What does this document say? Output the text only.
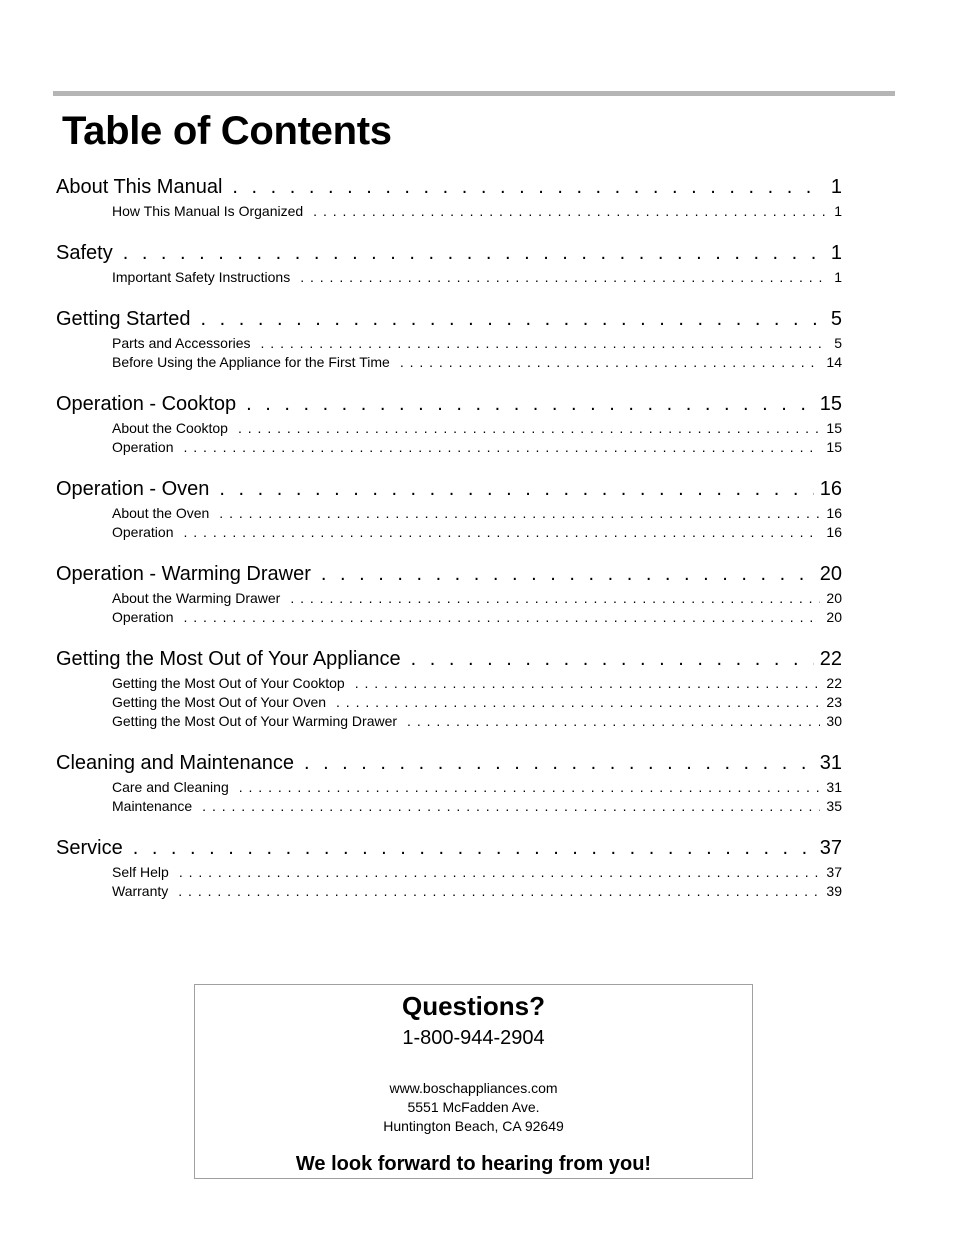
Table of Contents
About This Manual . . .	1
How This Manual Is Organized . . .	1
Safety . . .	1
Important Safety Instructions . . .	1
Getting Started . . .	5
Parts and Accessories . . .	5
Before Using the Appliance for the First Time . . .	14
Operation - Cooktop . . .	15
About the Cooktop . . .	15
Operation . . .	15
Operation - Oven . . .	16
About the Oven . . .	16
Operation . . .	16
Operation - Warming Drawer . . .	20
About the Warming Drawer . . .	20
Operation . . .	20
Getting the Most Out of Your Appliance . . .	22
Getting the Most Out of Your Cooktop . . .	22
Getting the Most Out of Your Oven . . .	23
Getting the Most Out of Your Warming Drawer . . .	30
Cleaning and Maintenance . . .	31
Care and Cleaning . . .	31
Maintenance . . .	35
Service . . .	37
Self Help . . .	37
Warranty . . .	39
Questions?
1-800-944-2904
www.boschappliances.com
5551 McFadden Ave.
Huntington Beach, CA 92649
We look forward to hearing from you!
